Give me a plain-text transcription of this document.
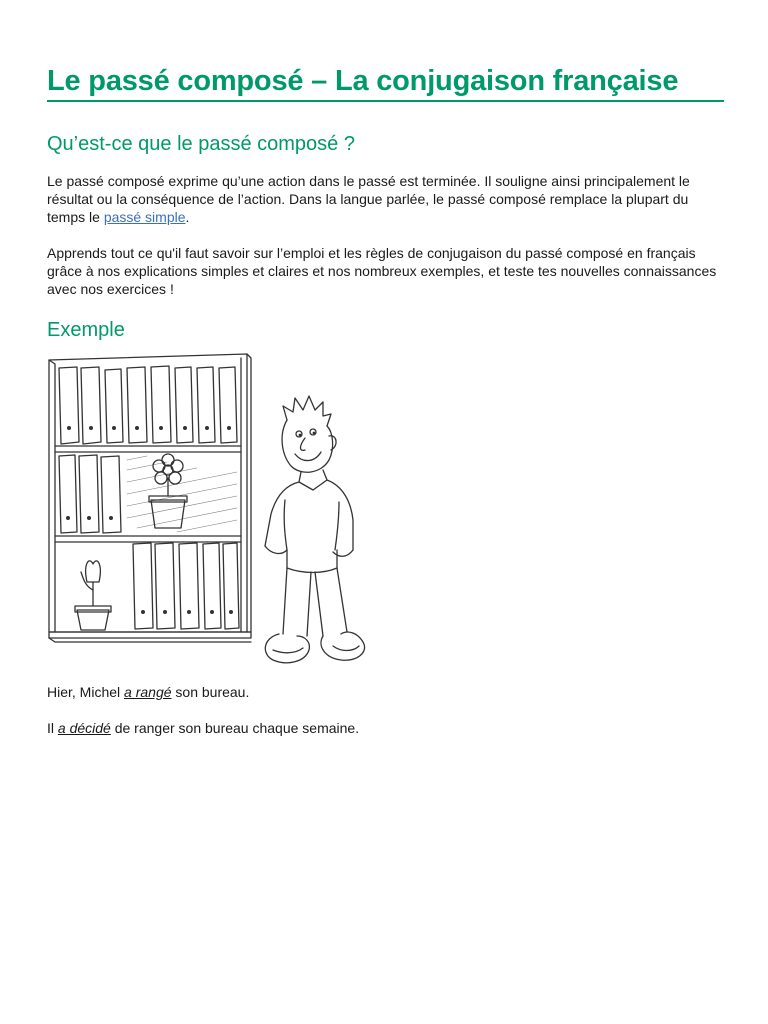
Le passé composé – La conjugaison française
Qu’est-ce que le passé composé ?

Le passé composé exprime qu’une action dans le passé est terminée. Il souligne ainsi principalement le résultat ou la conséquence de l’action. Dans la langue parlée, le passé composé remplace la plupart du temps le passé simple.

Apprends tout ce qu'il faut savoir sur l’emploi et les règles de conjugaison du passé composé en français grâce à nos explications simples et claires et nos nombreux exemples, et teste tes nouvelles connaissances avec nos exercices !

Exemple

Hier, Michel a rangé son bureau.

Il a décidé de ranger son bureau chaque semaine.
